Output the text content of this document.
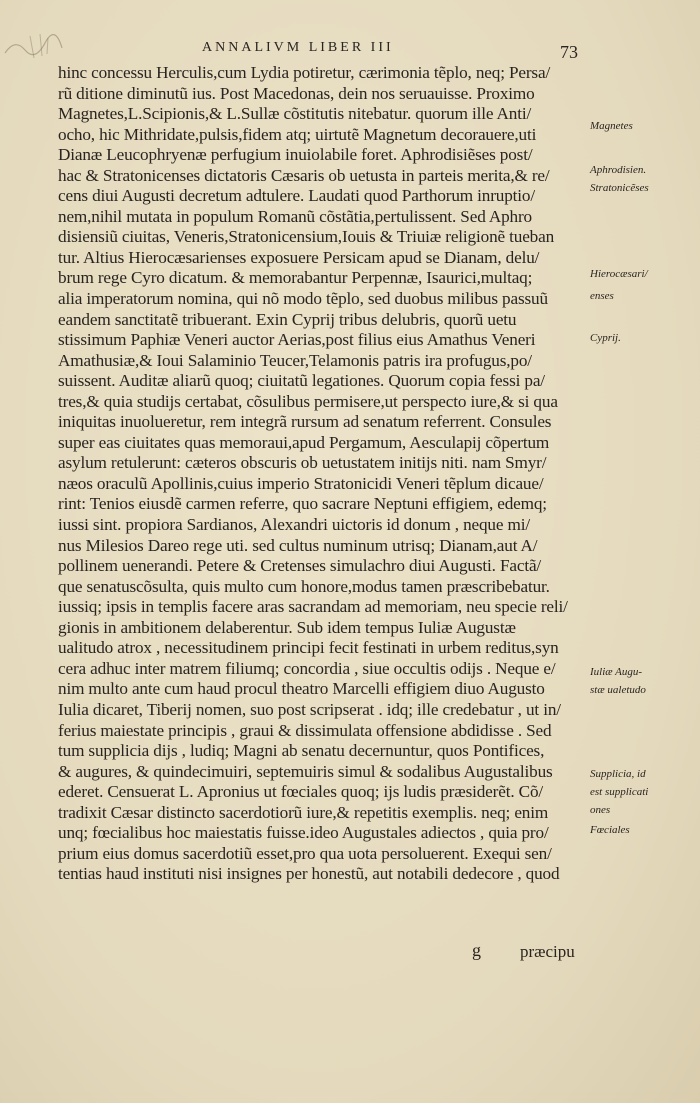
ANNALIVM LIBER III	73
hinc concessu Herculis,cum Lydia potiretur, cærimonia tẽplo, neq; Persa/
rũ ditione diminutũ ius. Post Macedonas, dein nos seruauisse. Proximo
Magnetes,L.Scipionis,& L.Sullæ cõstitutis nitebatur. quorum ille Anti/
ocho, hic Mithridate,pulsis,fidem atq; uirtutẽ Magnetum decorauere,uti
Dianæ Leucophryenæ perfugium inuiolabile foret. Aphrodisiẽses post/
hac & Stratonicenses dictatoris Cæsaris ob uetusta in parteis merita,& re/
cens diui Augusti decretum adtulere. Laudati quod Parthorum inruptio/
nem,nihil mutata in populum Romanũ cõstãtia,pertulissent. Sed Aphro
disiensiũ ciuitas, Veneris,Stratonicensium,Iouis & Triuiæ religionẽ tueban
tur. Altius Hierocæsarienses exposuere Persicam apud se Dianam, delu/
brum rege Cyro dicatum. & memorabantur Perpennæ, Isaurici,multaq;
alia imperatorum nomina, qui nõ modo tẽplo, sed duobus milibus passuũ
eandem sanctitatẽ tribuerant. Exin Cyprij tribus delubris, quorũ uetu
stissimum Paphiæ Veneri auctor Aerias,post filius eius Amathus Veneri
Amathusiæ,& Ioui Salaminio Teucer,Telamonis patris ira profugus,po/
suissent. Auditæ aliarũ quoq; ciuitatũ legationes. Quorum copia fessi pa/
tres,& quia studijs certabat, cõsulibus permisere,ut perspecto iure,& si qua
iniquitas inuolueretur, rem integrã rursum ad senatum referrent. Consules
super eas ciuitates quas memoraui,apud Pergamum, Aesculapij cõpertum
asylum retulerunt: cæteros obscuris ob uetustatem initijs niti. nam Smyr/
næos oraculũ Apollinis,cuius imperio Stratonicidi Veneri tẽplum dicaue/
rint: Tenios eiusdẽ carmen referre, quo sacrare Neptuni effigiem, edemq;
iussi sint. propiora Sardianos, Alexandri uictoris id donum , neque mi/
nus Milesios Dareo rege uti. sed cultus numinum utrisq; Dianam,aut A/
pollinem uenerandi. Petere & Cretenses simulachro diui Augusti. Factã/
que senatuscõsulta, quis multo cum honore,modus tamen præscribebatur.
iussiq; ipsis in templis facere aras sacrandam ad memoriam, neu specie reli/
gionis in ambitionem delaberentur. Sub idem tempus Iuliæ Augustæ
ualitudo atrox , necessitudinem principi fecit festinati in urbem reditus,syn
cera adhuc inter matrem filiumq; concordia , siue occultis odijs . Neque e/
nim multo ante cum haud procul theatro Marcelli effigiem diuo Augusto
Iulia dicaret, Tiberij nomen, suo post scripserat . idq; ille credebatur , ut in/
ferius maiestate principis , graui & dissimulata offensione abdidisse . Sed
tum supplicia dijs , ludiq; Magni ab senatu decernuntur, quos Pontifices,
& augures, & quindecimuiri, septemuiris simul & sodalibus Augustalibus
ederet. Censuerat L. Apronius ut fœciales quoq; ijs ludis præsiderẽt. Cõ/
tradixit Cæsar distincto sacerdotiorũ iure,& repetitis exemplis. neq; enim
unq; fœcialibus hoc maiestatis fuisse.ideo Augustales adiectos , quia pro/
prium eius domus sacerdotiũ esset,pro qua uota persoluerent. Exequi sen/
tentias haud instituti nisi insignes per honestũ, aut notabili dedecore , quod
Magnetes
Aphrodisien.
Stratonicẽses
Hierocæsari/
enses
Cyprij.
Iuliæ Augu-
stæ ualetudo
Supplicia, id
est supplicati
ones
Fœciales
g præcipu
